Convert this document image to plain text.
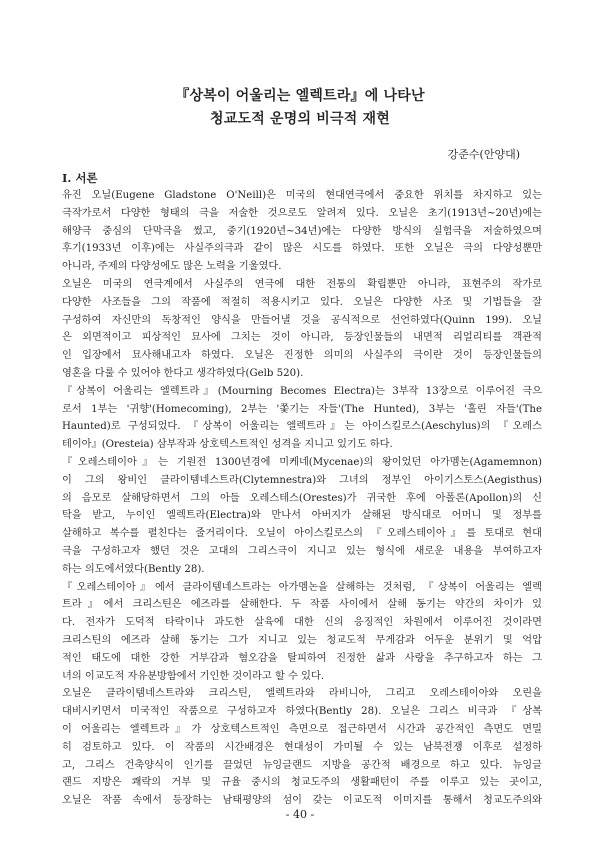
『상복이 어울리는 엘렉트라』에 나타난
청교도적 운명의 비극적 재현
강준수(안양대)
Ⅰ. 서론
유진 오닐(Eugene Gladstone O'Neill)은 미국의 현대연극에서 중요한 위치를 차지하고 있는
극작가로서 다양한 형태의 극을 저술한 것으로도 알려져 있다. 오닐은 초기(1913년~20년)에는
해양극 중심의 단막극을 썼고, 중기(1920년~34년)에는 다양한 방식의 실험극을 저술하였으며
후기(1933년 이후)에는 사실주의극과 같이 많은 시도를 하였다. 또한 오닐은 극의 다양성뿐만
아니라, 주제의 다양성에도 많은 노력을 기울였다.
오닐은 미국의 연극계에서 사실주의 연극에 대한 전통의 확립뿐만 아니라, 표현주의 작가로
다양한 사조들을 그의 작품에 적절히 적용시키고 있다. 오닐은 다양한 사조 및 기법들을 잘
구성하여 자신만의 독창적인 양식을 만들어낼 것을 공식적으로 선언하였다(Quinn 199). 오닐
은 외면적이고 피상적인 묘사에 그치는 것이 아니라, 등장인물들의 내면적 리얼리티를 객관적
인 입장에서 묘사해내고자 하였다. 오닐은 진정한 의미의 사실주의 극이란 것이 등장인물들의
영혼을 다룰 수 있어야 한다고 생각하였다(Gelb 520).
『상복이 어울리는 엘렉트라』(Mourning Becomes Electra)는 3부작 13장으로 이루어진 극으
로서 1부는 '귀향'(Homecoming), 2부는 '쫓기는 자들'(The Hunted), 3부는 '홀린 자들'(The
Haunted)로 구성되었다. 『상복이 어울리는 엘렉트라』는 아이스킬로스(Aeschylus)의 『오레스
테이아』(Oresteia) 삼부작과 상호텍스트적인 성격을 지니고 있기도 하다.
『오레스테이아』는 기원전 1300년경에 미케네(Mycenae)의 왕이었던 아가멤논(Agamemnon)
이 그의 왕비인 클라이템네스트라(Clytemnestra)와 그녀의 정부인 아이기스토스(Aegisthus)
의 음모로 살해당하면서 그의 아들 오레스테스(Orestes)가 귀국한 후에 아폴론(Apollon)의 신
탁을 받고, 누이인 엘렉트라(Electra)와 만나서 아버지가 살해된 방식대로 어머니 및 정부를
살해하고 복수를 펼친다는 줄거리이다. 오닐이 아이스킬로스의 『오레스테이아』를 토대로 현대
극을 구성하고자 했던 것은 고대의 그리스극이 지니고 있는 형식에 새로운 내용을 부여하고자
하는 의도에서였다(Bently 28).
『오레스테이아』에서 클라이템네스트라는 아가멤논을 살해하는 것처럼, 『상복이 어울리는 엘렉
트라』에서 크리스틴은 에즈라를 살해한다. 두 작품 사이에서 살해 동기는 약간의 차이가 있
다. 전자가 도덕적 타락이나 과도한 살육에 대한 신의 응징적인 차원에서 이루어진 것이라면
크리스틴의 에즈라 살해 동기는 그가 지니고 있는 청교도적 무게감과 어두운 분위기 및 억압
적인 태도에 대한 강한 거부감과 혐오감을 탈피하여 진정한 삶과 사랑을 추구하고자 하는 그
녀의 이교도적 자유분방함에서 기인한 것이라고 할 수 있다.
오닐은 클라이템네스트라와 크리스틴, 엘렉트라와 라비니아, 그리고 오레스테이아와 오린을
대비시키면서 미국적인 작품으로 구성하고자 하였다(Bently 28). 오닐은 그리스 비극과 『상복
이 어울리는 엘렉트라』가 상호텍스트적인 측면으로 접근하면서 시간과 공간적인 측면도 면밀
히 검토하고 있다. 이 작품의 시간배경은 현대성이 가미될 수 있는 남북전쟁 이후로 설정하
고, 그리스 건축양식이 인기를 끌었던 뉴잉글랜드 지방을 공간적 배경으로 하고 있다. 뉴잉글
랜드 지방은 쾌락의 거부 및 규율 중시의 청교도주의 생활패턴이 주를 이루고 있는 곳이고,
오닐은 작품 속에서 등장하는 남태평양의 섬이 갖는 이교도적 이미지를 통해서 청교도주의와
- 40 -
